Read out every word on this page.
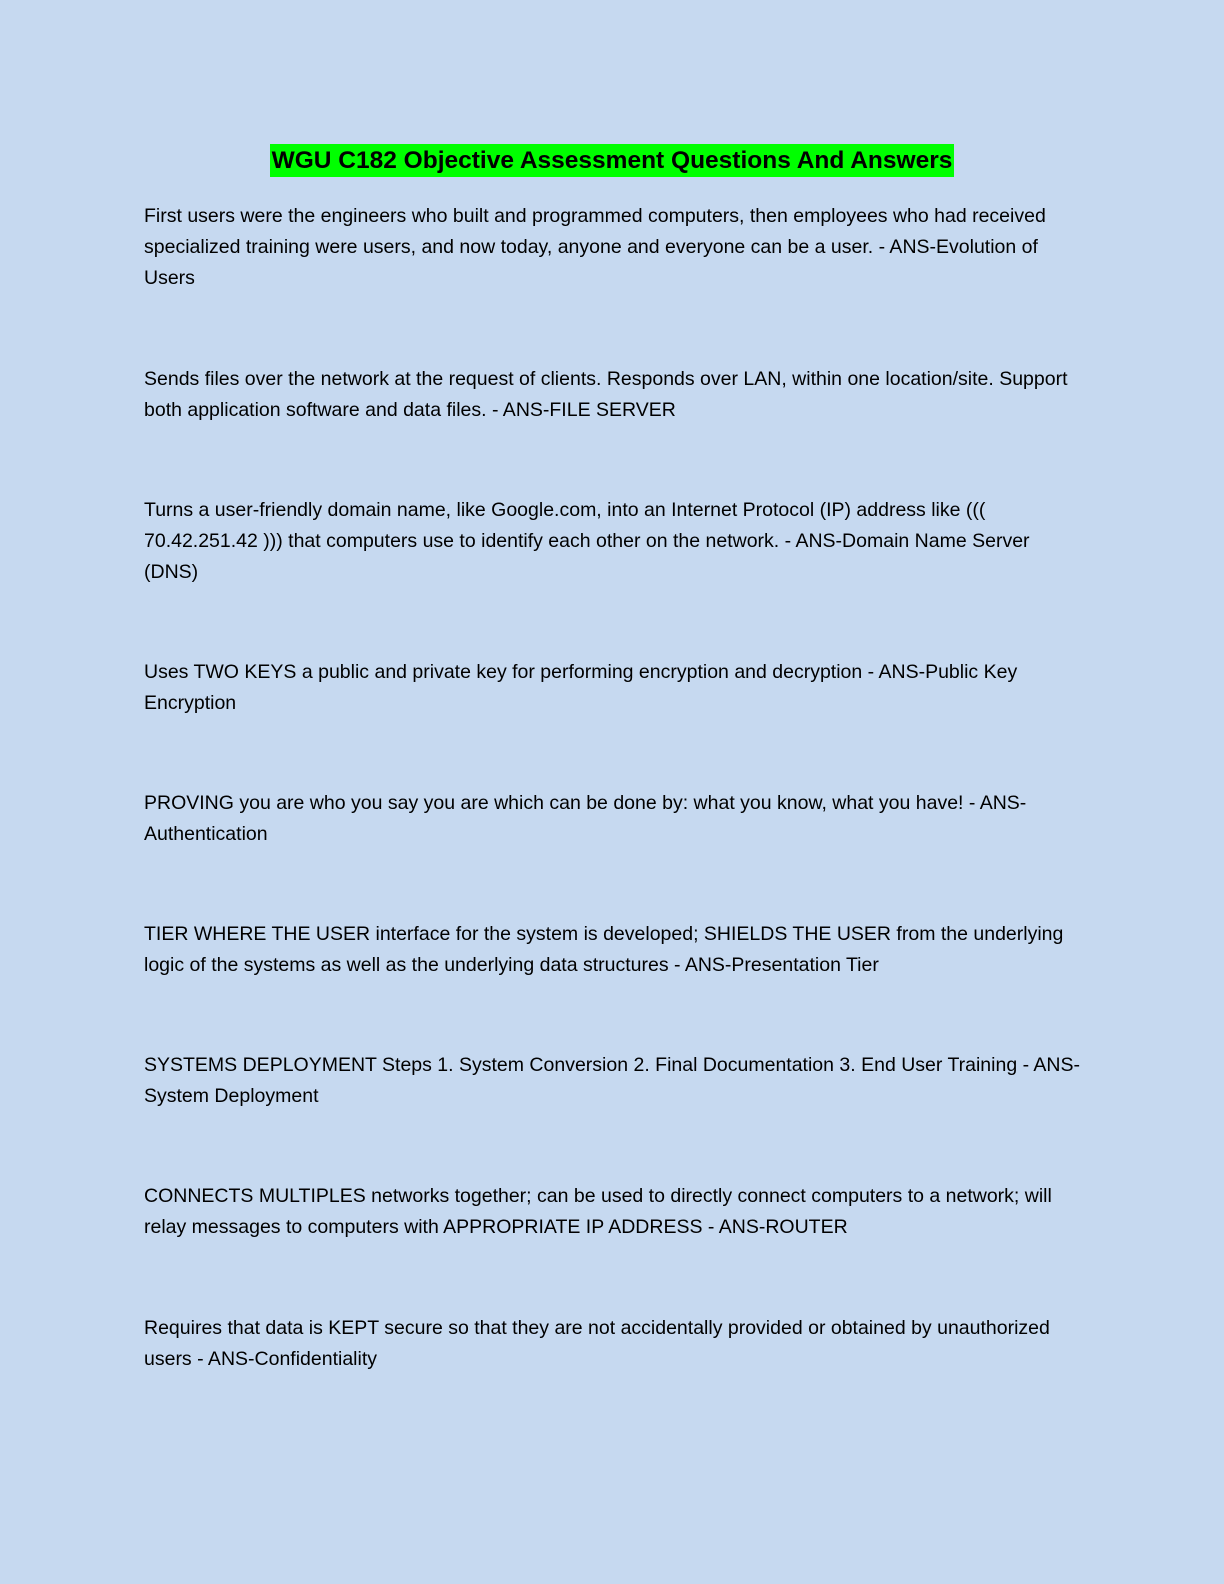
WGU C182 Objective Assessment Questions And Answers

First users were the engineers who built and programmed computers, then employees who had received specialized training were users, and now today, anyone and everyone can be a user. - ANS-Evolution of Users

Sends files over the network at the request of clients. Responds over LAN, within one location/site. Support both application software and data files. - ANS-FILE SERVER

Turns a user-friendly domain name, like Google.com, into an Internet Protocol (IP) address like ((( 70.42.251.42 ))) that computers use to identify each other on the network. - ANS-Domain Name Server (DNS)

Uses TWO KEYS a public and private key for performing encryption and decryption - ANS-Public Key Encryption

PROVING you are who you say you are which can be done by: what you know, what you have! - ANS-Authentication

TIER WHERE THE USER interface for the system is developed; SHIELDS THE USER from the underlying logic of the systems as well as the underlying data structures - ANS-Presentation Tier

SYSTEMS DEPLOYMENT Steps 1. System Conversion 2. Final Documentation 3. End User Training - ANS-System Deployment

CONNECTS MULTIPLES networks together; can be used to directly connect computers to a network; will relay messages to computers with APPROPRIATE IP ADDRESS - ANS-ROUTER

Requires that data is KEPT secure so that they are not accidentally provided or obtained by unauthorized users - ANS-Confidentiality
